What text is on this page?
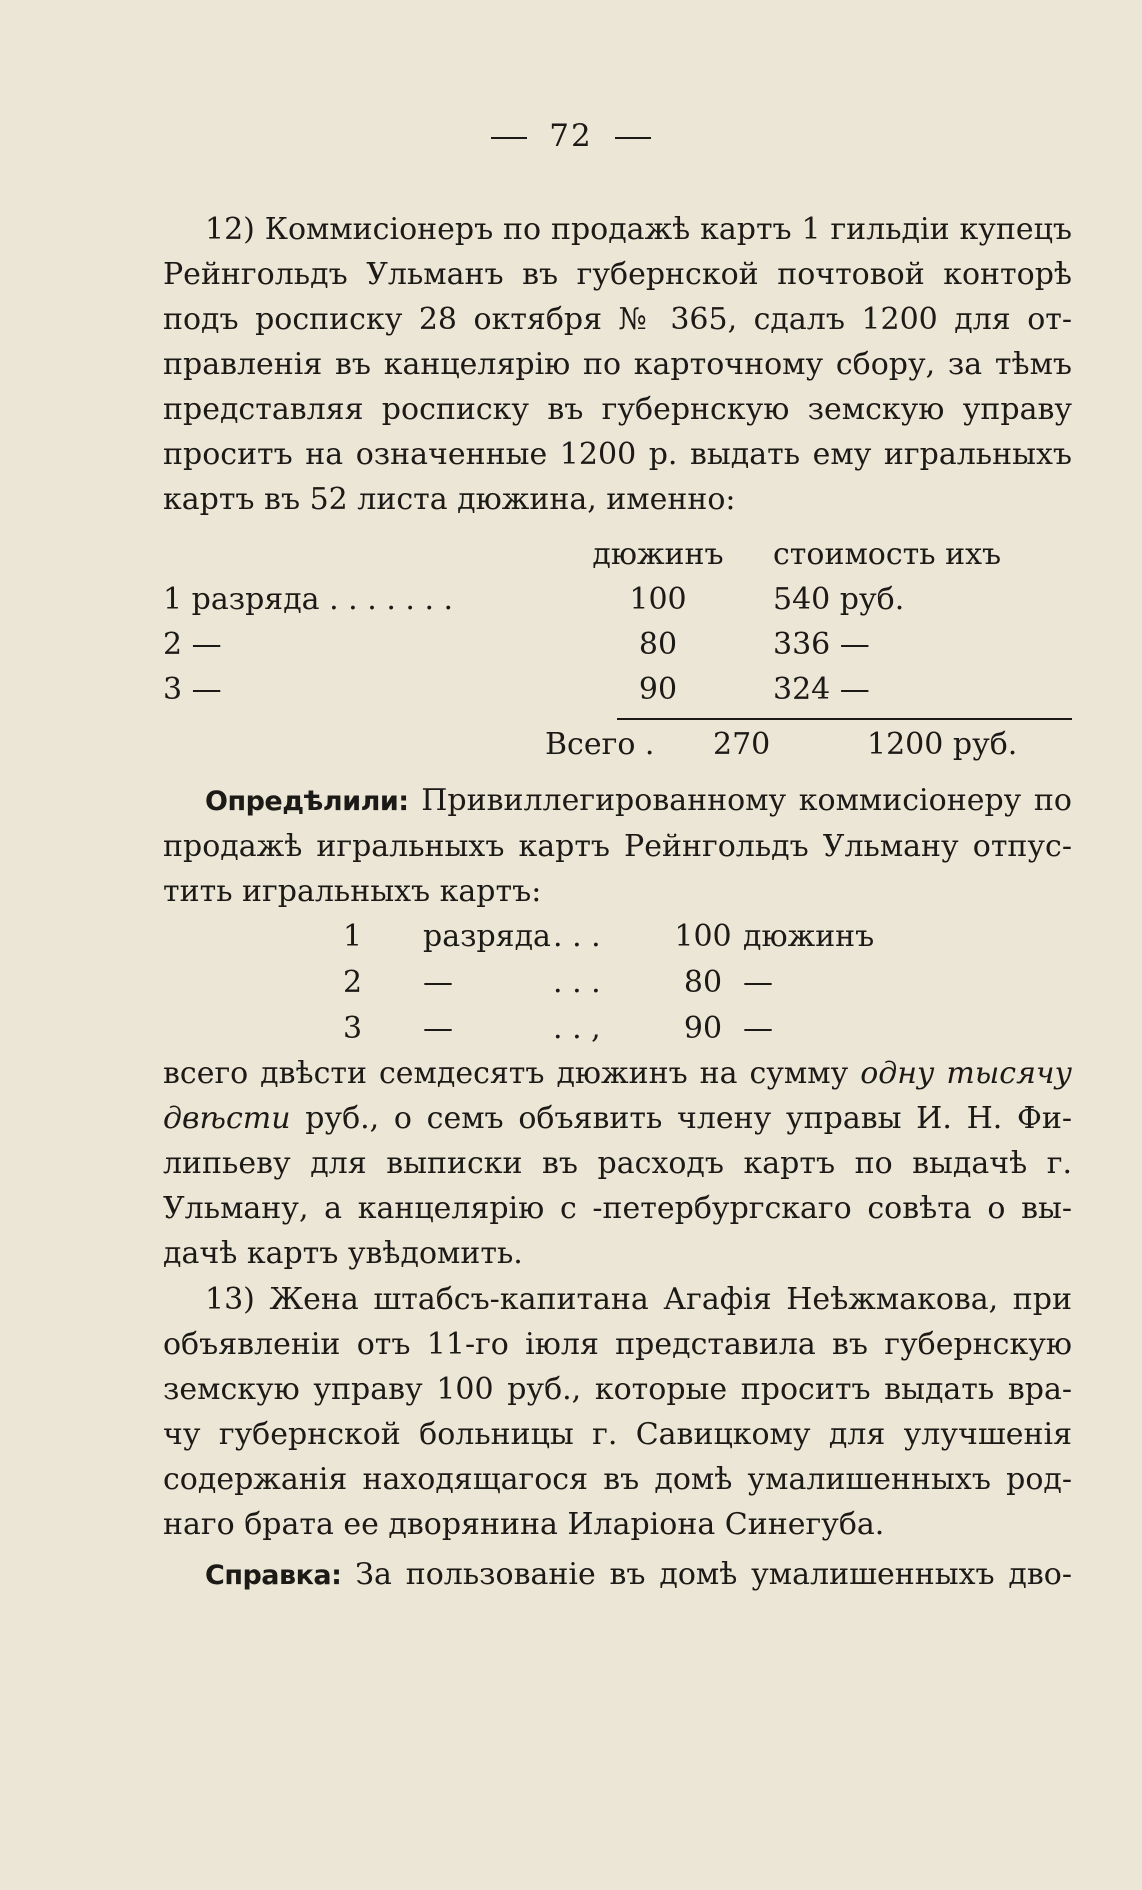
72
12) Коммисіонеръ по продажѣ картъ 1 гильдіи купецъ
Рейнгольдъ Ульманъ въ губернской почтовой конторѣ
подъ росписку 28 октября № 365, сдалъ 1200 для от-
правленія въ канцелярію по карточному сбору, за тѣмъ
представляя росписку въ губернскую земскую управу
проситъ на означенные 1200 р. выдать ему игральныхъ
картъ въ 52 листа дюжина, именно:
	дюжинъ	стоимость ихъ
1 разряда . . . . . . .	100	540 руб.
2 —	80	336 —
3 —	90	324 —
Всего . 270	1200 руб.
Опредѣлили: Привиллегированному коммисіонеру по
продажѣ игральныхъ картъ Рейнгольдъ Ульману отпус-
тить игральныхъ картъ:
1	разряда	. . .	100	дюжинъ
2	—	. . .	80	—
3	—	. . ,	90	—
всего двѣсти семдесятъ дюжинъ на сумму одну тысячу
двѣсти руб., о семъ объявить члену управы И. Н. Фи-
липьеву для выписки въ расходъ картъ по выдачѣ г.
Ульману, а канцелярію с -петербургскаго совѣта о вы-
дачѣ картъ увѣдомить.
13) Жена штабсъ-капитана Агафія Неѣжмакова, при
объявленіи отъ 11-го іюля представила въ губернскую
земскую управу 100 руб., которые проситъ выдать вра-
чу губернской больницы г. Савицкому для улучшенія
содержанія находящагося въ домѣ умалишенныхъ род-
наго брата ее дворянина Иларіона Синегуба.
Справка: За пользованіе въ домѣ умалишенныхъ дво-
